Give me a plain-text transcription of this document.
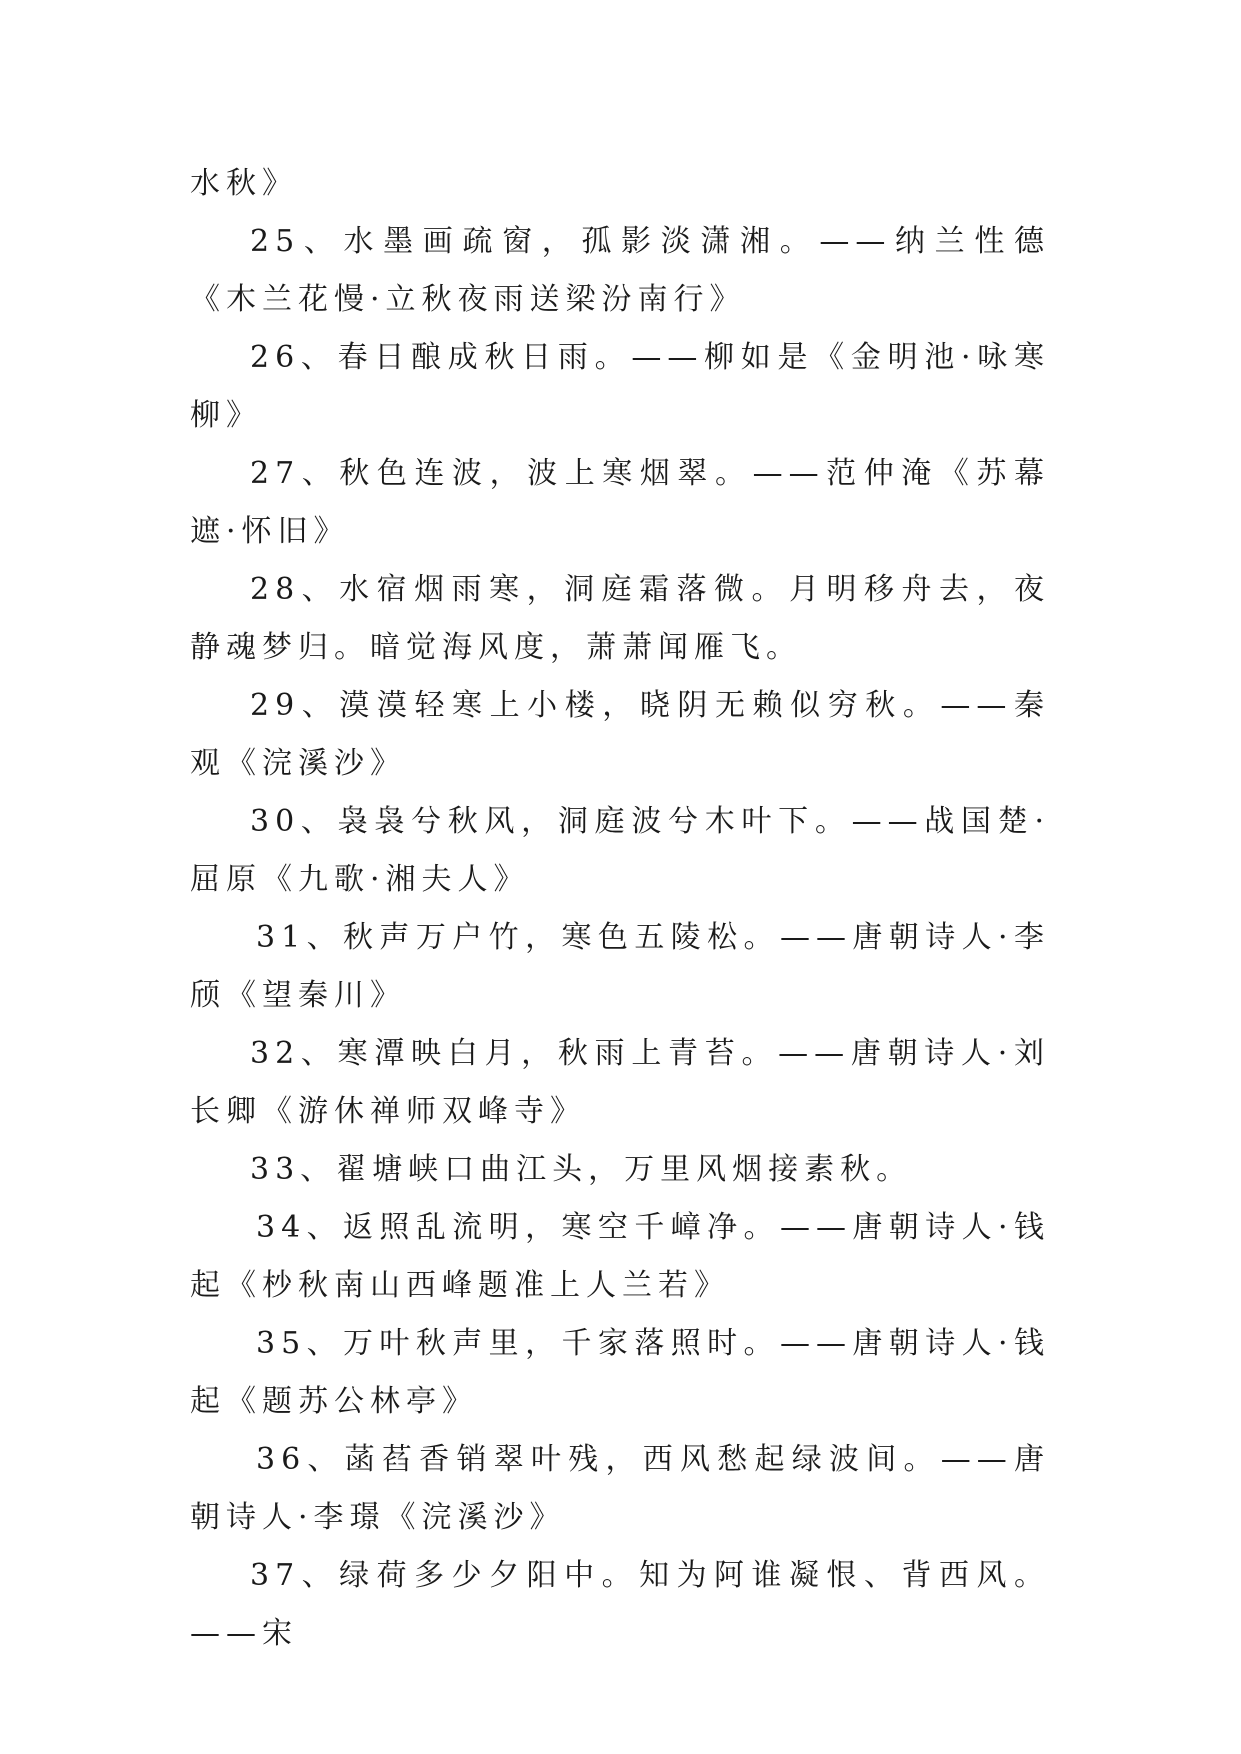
水秋》

25、水墨画疏窗，孤影淡潇湘。——纳兰性德《木兰花慢·立秋夜雨送梁汾南行》

26、春日酿成秋日雨。——柳如是《金明池·咏寒柳》

27、秋色连波，波上寒烟翠。——范仲淹《苏幕遮·怀旧》

28、水宿烟雨寒，洞庭霜落微。月明移舟去，夜静魂梦归。暗觉海风度，萧萧闻雁飞。

29、漠漠轻寒上小楼，晓阴无赖似穷秋。——秦观《浣溪沙》

30、袅袅兮秋风，洞庭波兮木叶下。——战国楚·屈原《九歌·湘夫人》

31、秋声万户竹，寒色五陵松。——唐朝诗人·李颀《望秦川》

32、寒潭映白月，秋雨上青苔。——唐朝诗人·刘长卿《游休禅师双峰寺》

33、翟塘峡口曲江头，万里风烟接素秋。

34、返照乱流明，寒空千嶂净。——唐朝诗人·钱起《杪秋南山西峰题准上人兰若》

35、万叶秋声里，千家落照时。——唐朝诗人·钱起《题苏公林亭》

36、菡萏香销翠叶残，西风愁起绿波间。——唐朝诗人·李璟《浣溪沙》

37、绿荷多少夕阳中。知为阿谁凝恨、背西风。——宋
